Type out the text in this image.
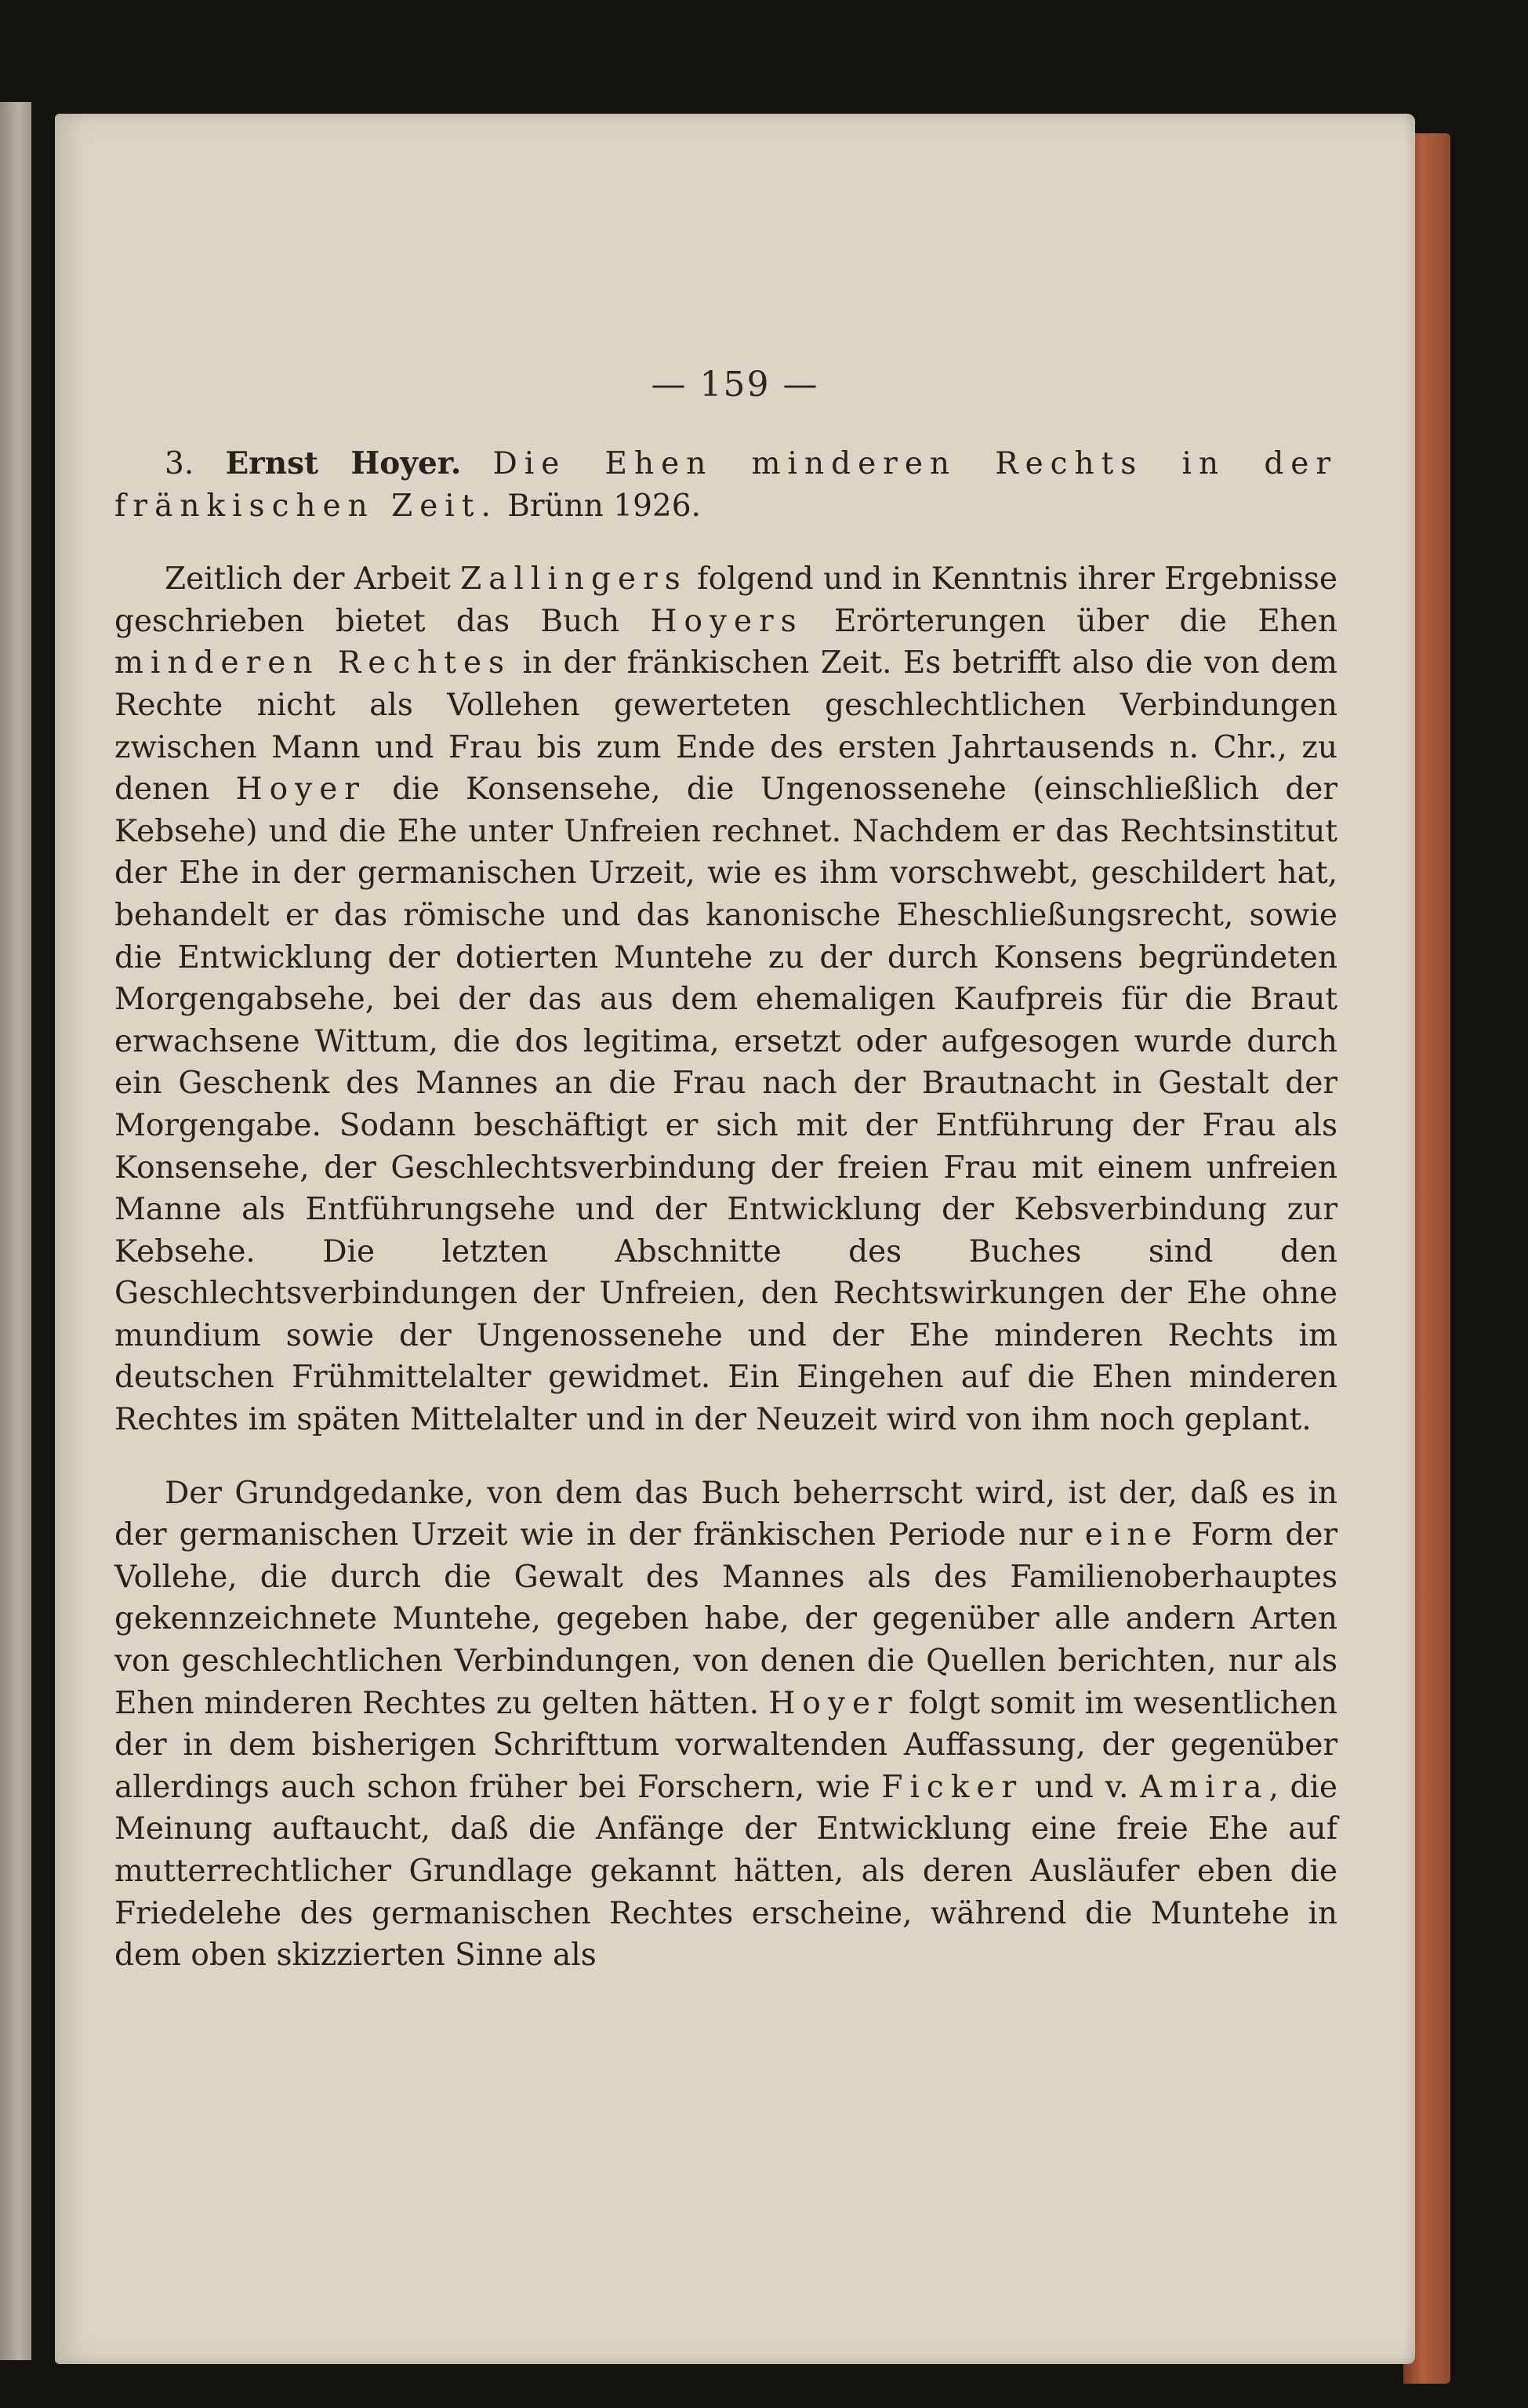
— 159 —

3. Ernst Hoyer. Die Ehen minderen Rechts in der fränkischen Zeit. Brünn 1926.

Zeitlich der Arbeit Zallingers folgend und in Kenntnis ihrer Ergebnisse geschrieben bietet das Buch Hoyers Erörterungen über die Ehen minderen Rechtes in der fränkischen Zeit. Es betrifft also die von dem Rechte nicht als Vollehen gewerteten geschlechtlichen Verbindungen zwischen Mann und Frau bis zum Ende des ersten Jahrtausends n. Chr., zu denen Hoyer die Konsensehe, die Ungenossenehe (einschließlich der Kebsehe) und die Ehe unter Unfreien rechnet. Nachdem er das Rechtsinstitut der Ehe in der germanischen Urzeit, wie es ihm vorschwebt, geschildert hat, behandelt er das römische und das kanonische Eheschließungsrecht, sowie die Entwicklung der dotierten Muntehe zu der durch Konsens begründeten Morgengabsehe, bei der das aus dem ehemaligen Kaufpreis für die Braut erwachsene Wittum, die dos legitima, ersetzt oder aufgesogen wurde durch ein Geschenk des Mannes an die Frau nach der Brautnacht in Gestalt der Morgengabe. Sodann beschäftigt er sich mit der Entführung der Frau als Konsensehe, der Geschlechtsverbindung der freien Frau mit einem unfreien Manne als Entführungsehe und der Entwicklung der Kebsverbindung zur Kebsehe. Die letzten Abschnitte des Buches sind den Geschlechtsverbindungen der Unfreien, den Rechtswirkungen der Ehe ohne mundium sowie der Ungenossenehe und der Ehe minderen Rechts im deutschen Frühmittelalter gewidmet. Ein Eingehen auf die Ehen minderen Rechtes im späten Mittelalter und in der Neuzeit wird von ihm noch geplant.

Der Grundgedanke, von dem das Buch beherrscht wird, ist der, daß es in der germanischen Urzeit wie in der fränkischen Periode nur eine Form der Vollehe, die durch die Gewalt des Mannes als des Familienoberhauptes gekennzeichnete Muntehe, gegeben habe, der gegenüber alle andern Arten von geschlechtlichen Verbindungen, von denen die Quellen berichten, nur als Ehen minderen Rechtes zu gelten hätten. Hoyer folgt somit im wesentlichen der in dem bisherigen Schrifttum vorwaltenden Auffassung, der gegenüber allerdings auch schon früher bei Forschern, wie Ficker und v. Amira, die Meinung auftaucht, daß die Anfänge der Entwicklung eine freie Ehe auf mutterrechtlicher Grundlage gekannt hätten, als deren Ausläufer eben die Friedelehe des germanischen Rechtes erscheine, während die Muntehe in dem oben skizzierten Sinne als
